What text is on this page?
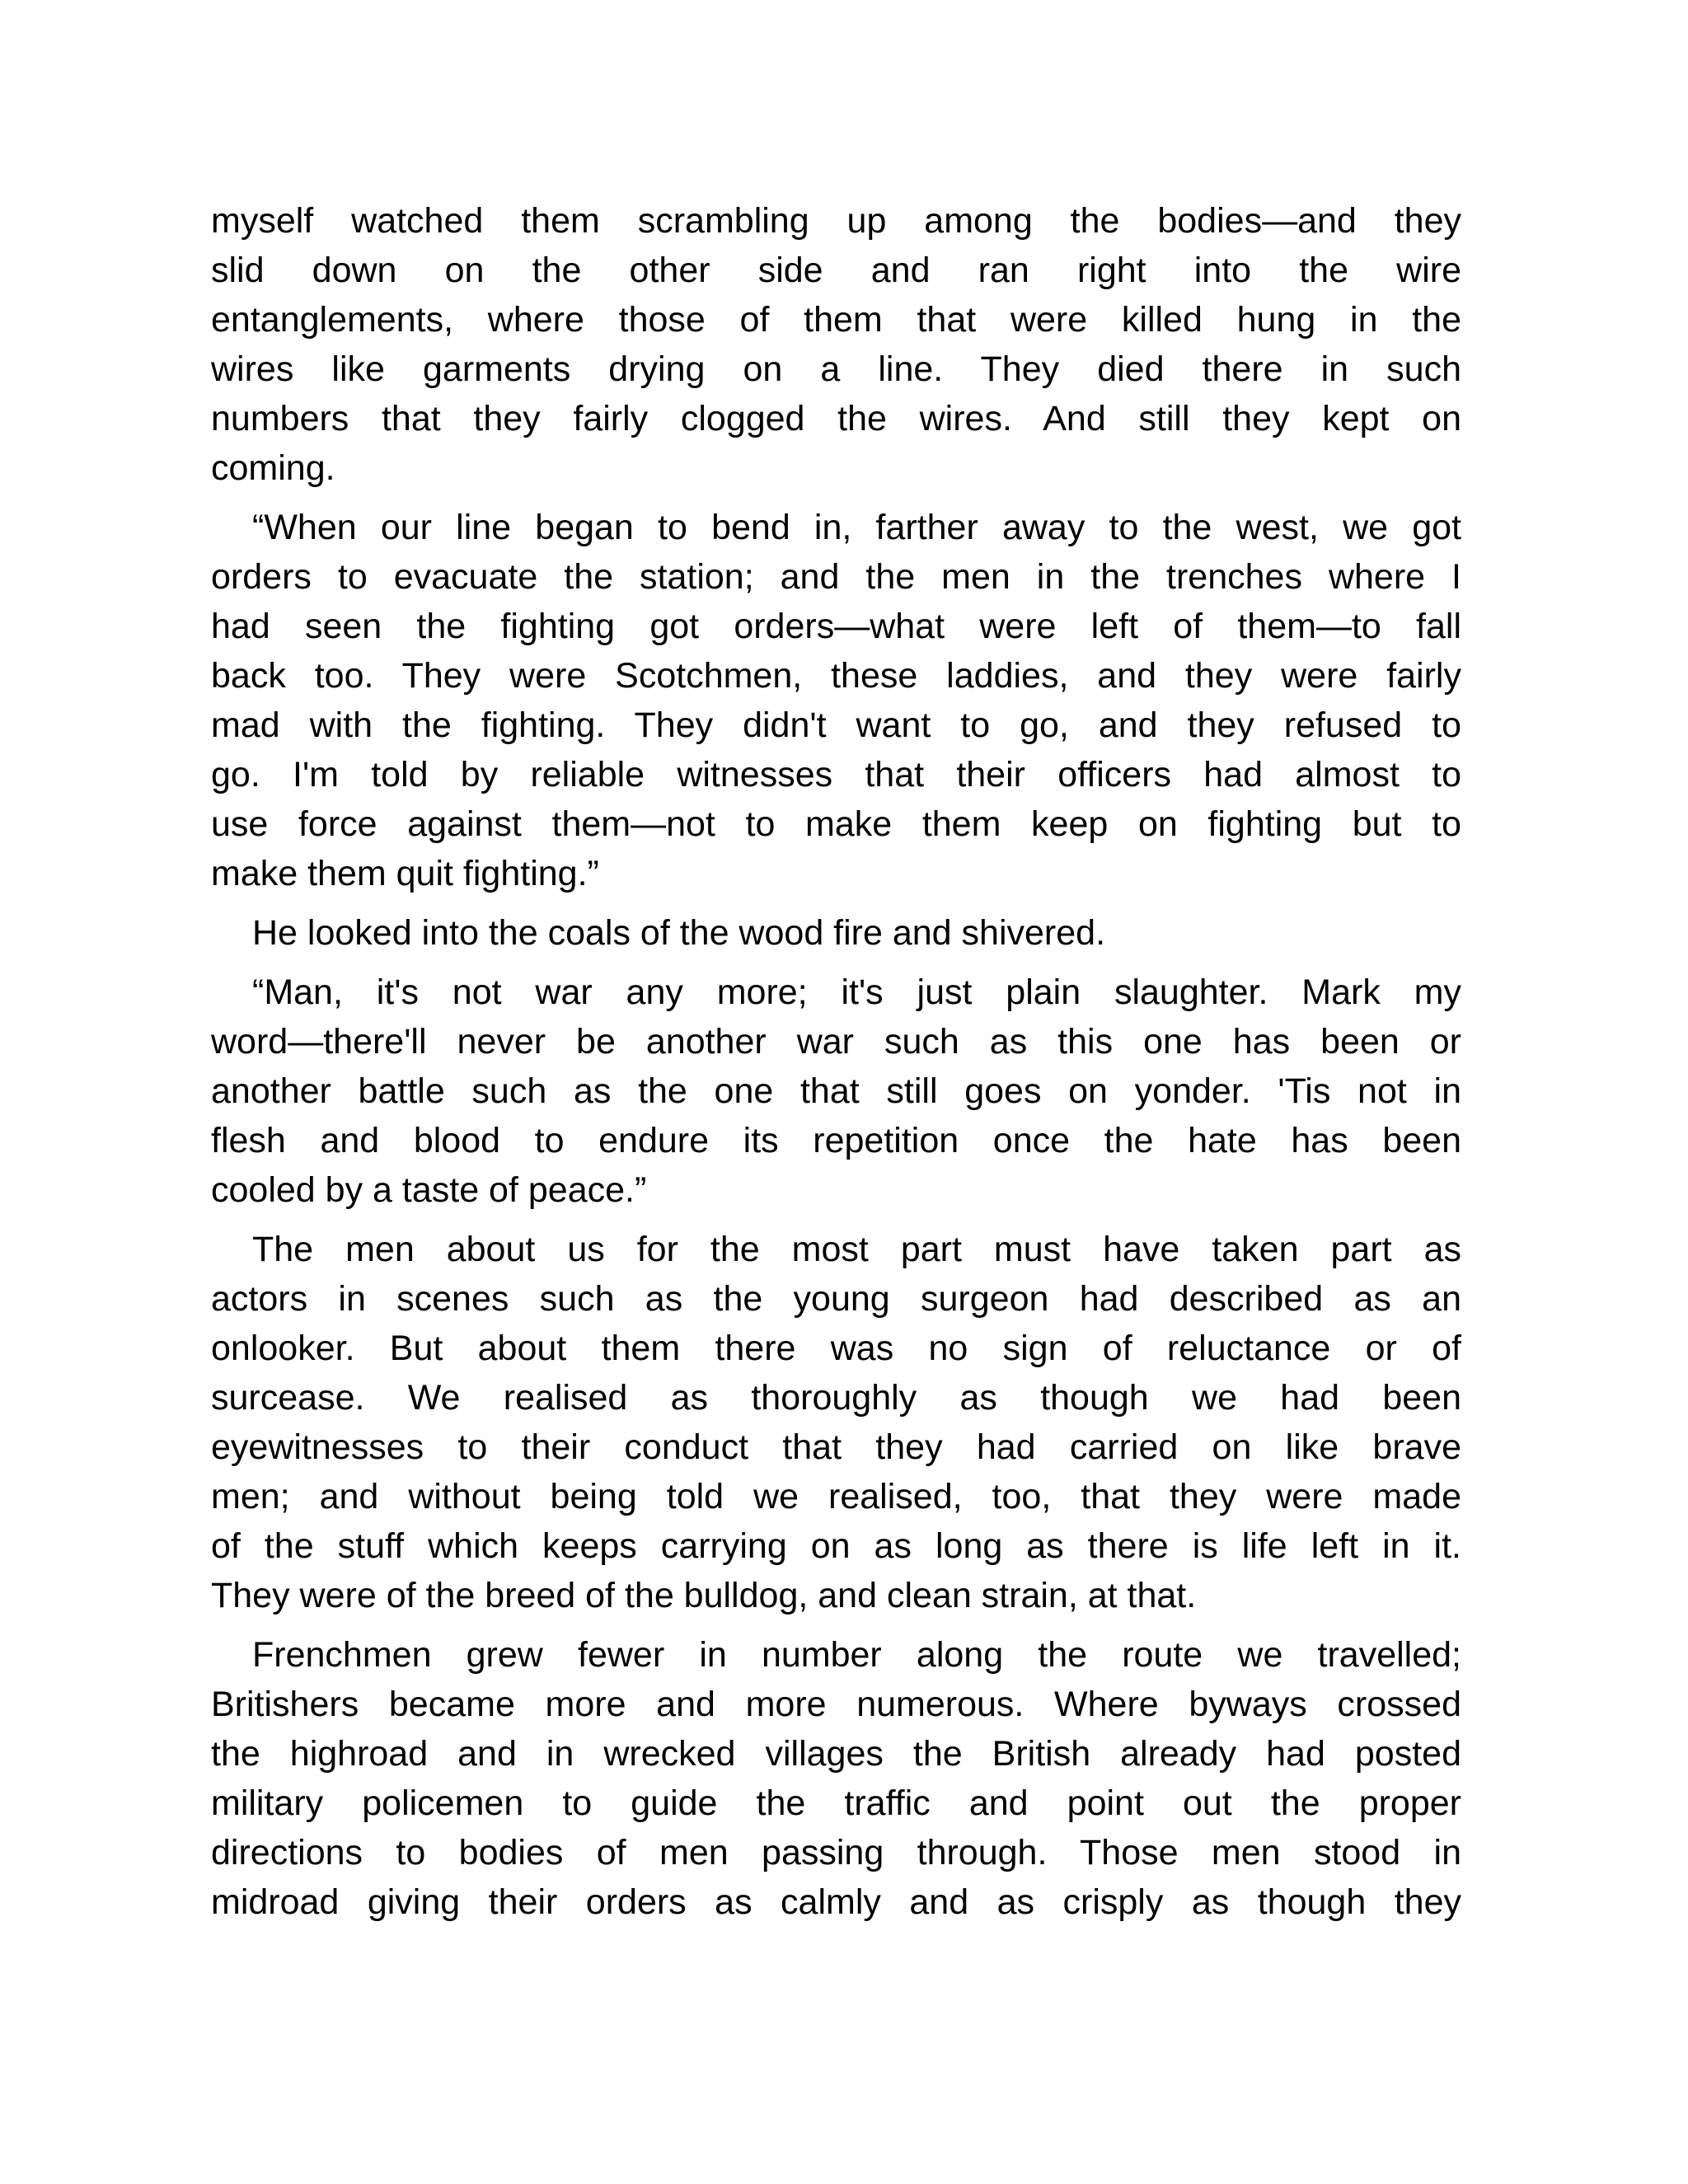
myself watched them scrambling up among the bodies—and they
slid down on the other side and ran right into the wire
entanglements, where those of them that were killed hung in the
wires like garments drying on a line. They died there in such
numbers that they fairly clogged the wires. And still they kept on
coming.
“When our line began to bend in, farther away to the west, we got
orders to evacuate the station; and the men in the trenches where I
had seen the fighting got orders—what were left of them—to fall
back too. They were Scotchmen, these laddies, and they were fairly
mad with the fighting. They didn't want to go, and they refused to
go. I'm told by reliable witnesses that their officers had almost to
use force against them—not to make them keep on fighting but to
make them quit fighting.”
He looked into the coals of the wood fire and shivered.
“Man, it's not war any more; it's just plain slaughter. Mark my
word—there'll never be another war such as this one has been or
another battle such as the one that still goes on yonder. 'Tis not in
flesh and blood to endure its repetition once the hate has been
cooled by a taste of peace.”
The men about us for the most part must have taken part as
actors in scenes such as the young surgeon had described as an
onlooker. But about them there was no sign of reluctance or of
surcease. We realised as thoroughly as though we had been
eyewitnesses to their conduct that they had carried on like brave
men; and without being told we realised, too, that they were made
of the stuff which keeps carrying on as long as there is life left in it.
They were of the breed of the bulldog, and clean strain, at that.
Frenchmen grew fewer in number along the route we travelled;
Britishers became more and more numerous. Where byways crossed
the highroad and in wrecked villages the British already had posted
military policemen to guide the traffic and point out the proper
directions to bodies of men passing through. Those men stood in
midroad giving their orders as calmly and as crisply as though they
